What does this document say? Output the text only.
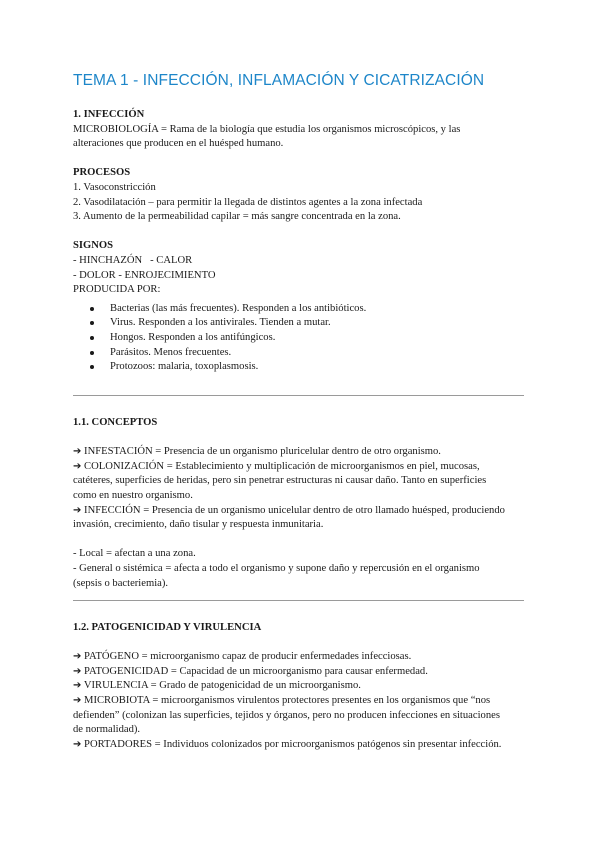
TEMA 1 - INFECCIÓN, INFLAMACIÓN Y CICATRIZACIÓN

1. INFECCIÓN

MICROBIOLOGÍA = Rama de la biología que estudia los organismos microscópicos, y las

alteraciones que producen en el huésped humano.

PROCESOS

1. Vasoconstricción

2. Vasodilatación – para permitir la llegada de distintos agentes a la zona infectada

3. Aumento de la permeabilidad capilar = más sangre concentrada en la zona.

SIGNOS

- HINCHAZÓN   - CALOR

- DOLOR - ENROJECIMIENTO

PRODUCIDA POR:

Bacterias (las más frecuentes). Responden a los antibióticos.
Virus. Responden a los antivirales. Tienden a mutar.
Hongos. Responden a los antifúngicos.
Parásitos. Menos frecuentes.
Protozoos: malaria, toxoplasmosis.

1.1. CONCEPTOS

➔ INFESTACIÓN = Presencia de un organismo pluricelular dentro de otro organismo.

➔ COLONIZACIÓN = Establecimiento y multiplicación de microorganismos en piel, mucosas,

catéteres, superficies de heridas, pero sin penetrar estructuras ni causar daño. Tanto en superficies

como en nuestro organismo.

➔ INFECCIÓN = Presencia de un organismo unicelular dentro de otro llamado huésped, produciendo

invasión, crecimiento, daño tisular y respuesta inmunitaria.

- Local = afectan a una zona.

- General o sistémica = afecta a todo el organismo y supone daño y repercusión en el organismo

(sepsis o bacteriemia).

1.2. PATOGENICIDAD Y VIRULENCIA

➔ PATÓGENO = microorganismo capaz de producir enfermedades infecciosas.

➔ PATOGENICIDAD = Capacidad de un microorganismo para causar enfermedad.

➔ VIRULENCIA = Grado de patogenicidad de un microorganismo.

➔ MICROBIOTA = microorganismos virulentos protectores presentes en los organismos que “nos

defienden” (colonizan las superficies, tejidos y órganos, pero no producen infecciones en situaciones

de normalidad).

➔ PORTADORES = Individuos colonizados por microorganismos patógenos sin presentar infección.
